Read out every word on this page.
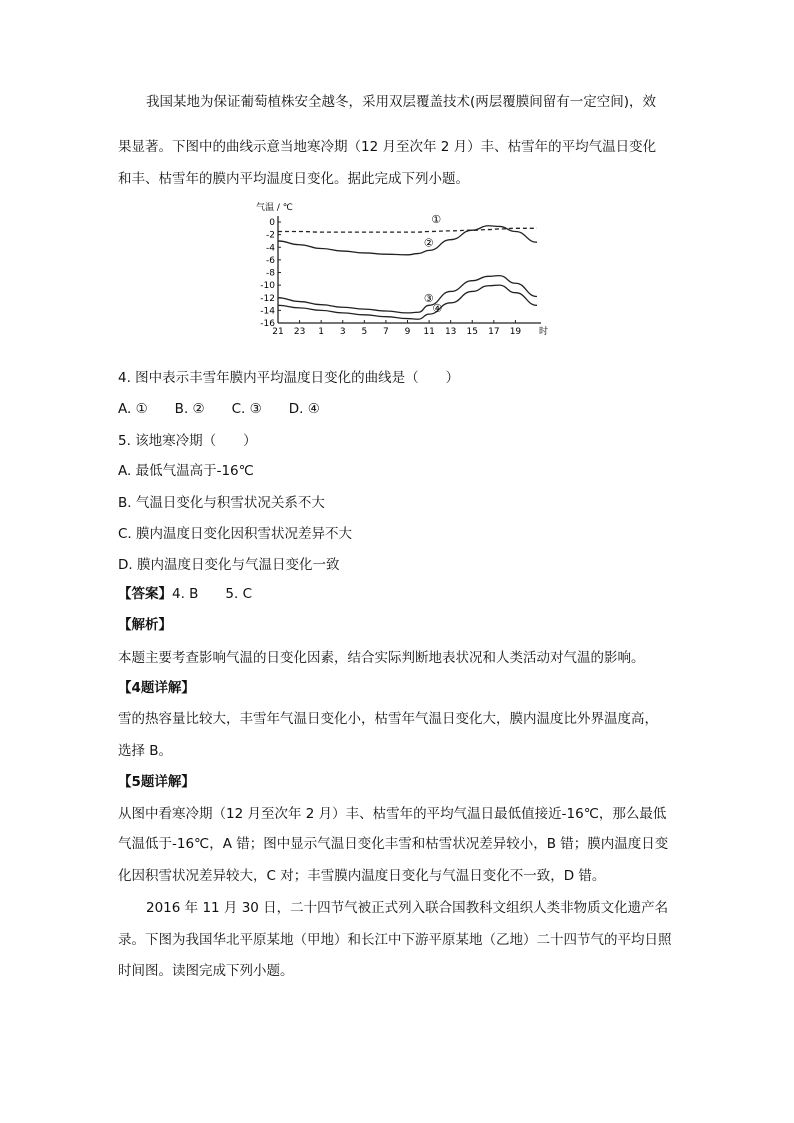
我国某地为保证葡萄植株安全越冬，采用双层覆盖技术(两层覆膜间留有一定空间)，效
果显著。下图中的曲线示意当地寒冷期（12 月至次年 2 月）丰、枯雪年的平均气温日变化
和丰、枯雪年的膜内平均温度日变化。据此完成下列小题。
气温 / ℃
0
-2
-4
-6
-8
-10
-12
-14
-16
21 23 1 3 5 7 9 11 13 15 17 19 时
①
②
③
④
4. 图中表示丰雪年膜内平均温度日变化的曲线是（　　）
A. ①　　B. ②　　C. ③　　D. ④
5. 该地寒冷期（　　）
A. 最低气温高于-16℃
B. 气温日变化与积雪状况关系不大
C. 膜内温度日变化因积雪状况差异不大
D. 膜内温度日变化与气温日变化一致
【答案】4. B　　5. C
【解析】
本题主要考查影响气温的日变化因素，结合实际判断地表状况和人类活动对气温的影响。
【4题详解】
雪的热容量比较大，丰雪年气温日变化小，枯雪年气温日变化大，膜内温度比外界温度高，
选择 B。
【5题详解】
从图中看寒冷期（12 月至次年 2 月）丰、枯雪年的平均气温日最低值接近-16℃，那么最低
气温低于-16℃，A 错；图中显示气温日变化丰雪和枯雪状况差异较小，B 错；膜内温度日变
化因积雪状况差异较大，C 对；丰雪膜内温度日变化与气温日变化不一致，D 错。
2016 年 11 月 30 日，二十四节气被正式列入联合国教科文组织人类非物质文化遗产名
录。下图为我国华北平原某地（甲地）和长江中下游平原某地（乙地）二十四节气的平均日照
时间图。读图完成下列小题。
